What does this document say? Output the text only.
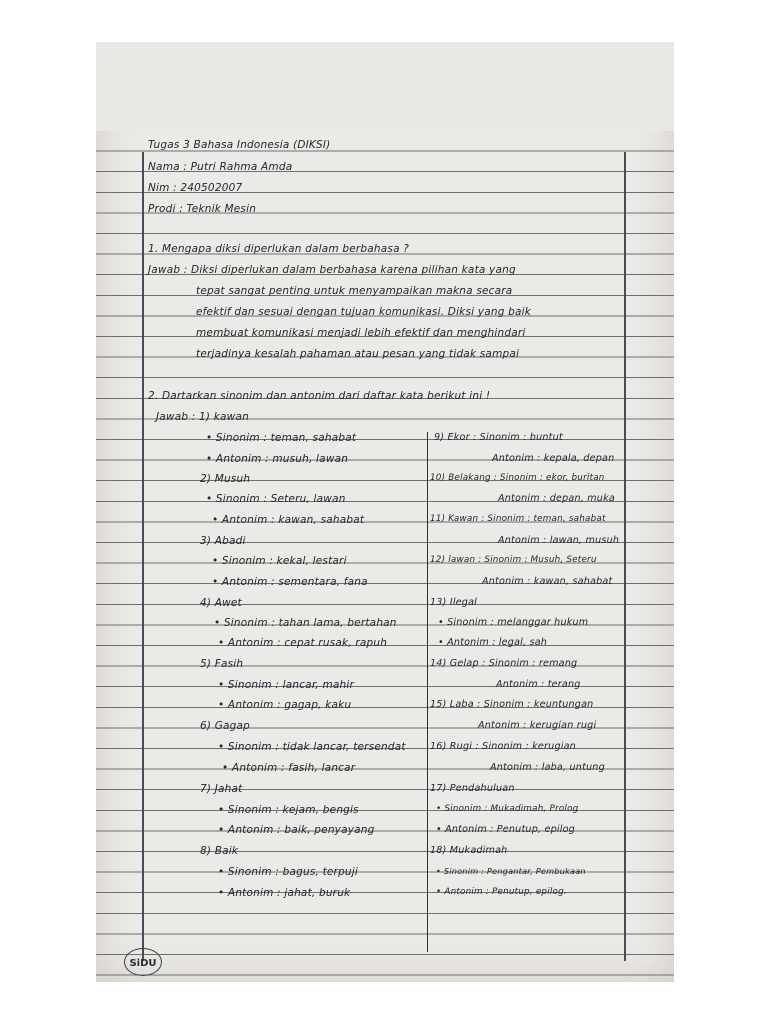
Tugas 3 Bahasa Indonesia (DIKSI)
Nama : Putri Rahma Amda
Nim : 240502007
Prodi : Teknik Mesin
1. Mengapa diksi diperlukan dalam berbahasa ?
Jawab : Diksi diperlukan dalam berbahasa karena pilihan kata yang
tepat sangat penting untuk menyampaikan makna secara
efektif dan sesuai dengan tujuan komunikasi. Diksi yang baik
membuat komunikasi menjadi lebih efektif dan menghindari
terjadinya kesalah pahaman atau pesan yang tidak sampai
2. Dartarkan sinonim dan antonim dari daftar kata berikut ini !
Jawab : 1) kawan
• Sinonim : teman, sahabat
• Antonim : musuh, lawan
2) Musuh
• Sinonim : Seteru, lawan
• Antonim : kawan, sahabat
3) Abadi
• Sinonim : kekal, lestari
• Antonim : sementara, fana
4) Awet
• Sinonim : tahan lama, bertahan
• Antonim : cepat rusak, rapuh
5) Fasih
• Sinonim : lancar, mahir
• Antonim : gagap, kaku
6) Gagap
• Sinonim : tidak lancar, tersendat
• Antonim : fasih, lancar
7) Jahat
• Sinonim : kejam, bengis
• Antonim : baik, penyayang
8) Baik
• Sinonim : bagus, terpuji
• Antonim : jahat, buruk
9) Ekor : Sinonim : buntut
Antonim : kepala, depan
10) Belakang : Sinonim : ekor, buritan
Antonim : depan, muka
11) Kawan : Sinonim : teman, sahabat
Antonim : lawan, musuh
12) lawan : Sinonim : Musuh, Seteru
Antonim : kawan, sahabat
13) Ilegal
• Sinonim : melanggar hukum
• Antonim : legal, sah
14) Gelap : Sinonim : remang
Antonim : terang
15) Laba : Sinonim : keuntungan
Antonim : kerugian rugi
16) Rugi : Sinonim : kerugian
Antonim : laba, untung
17) Pendahuluan
• Sinonim : Mukadimah, Prolog
• Antonim : Penutup, epilog
18) Mukadimah
• Sinonim : Pengantar, Pembukaan
• Antonim : Penutup, epilog.
SiDU
